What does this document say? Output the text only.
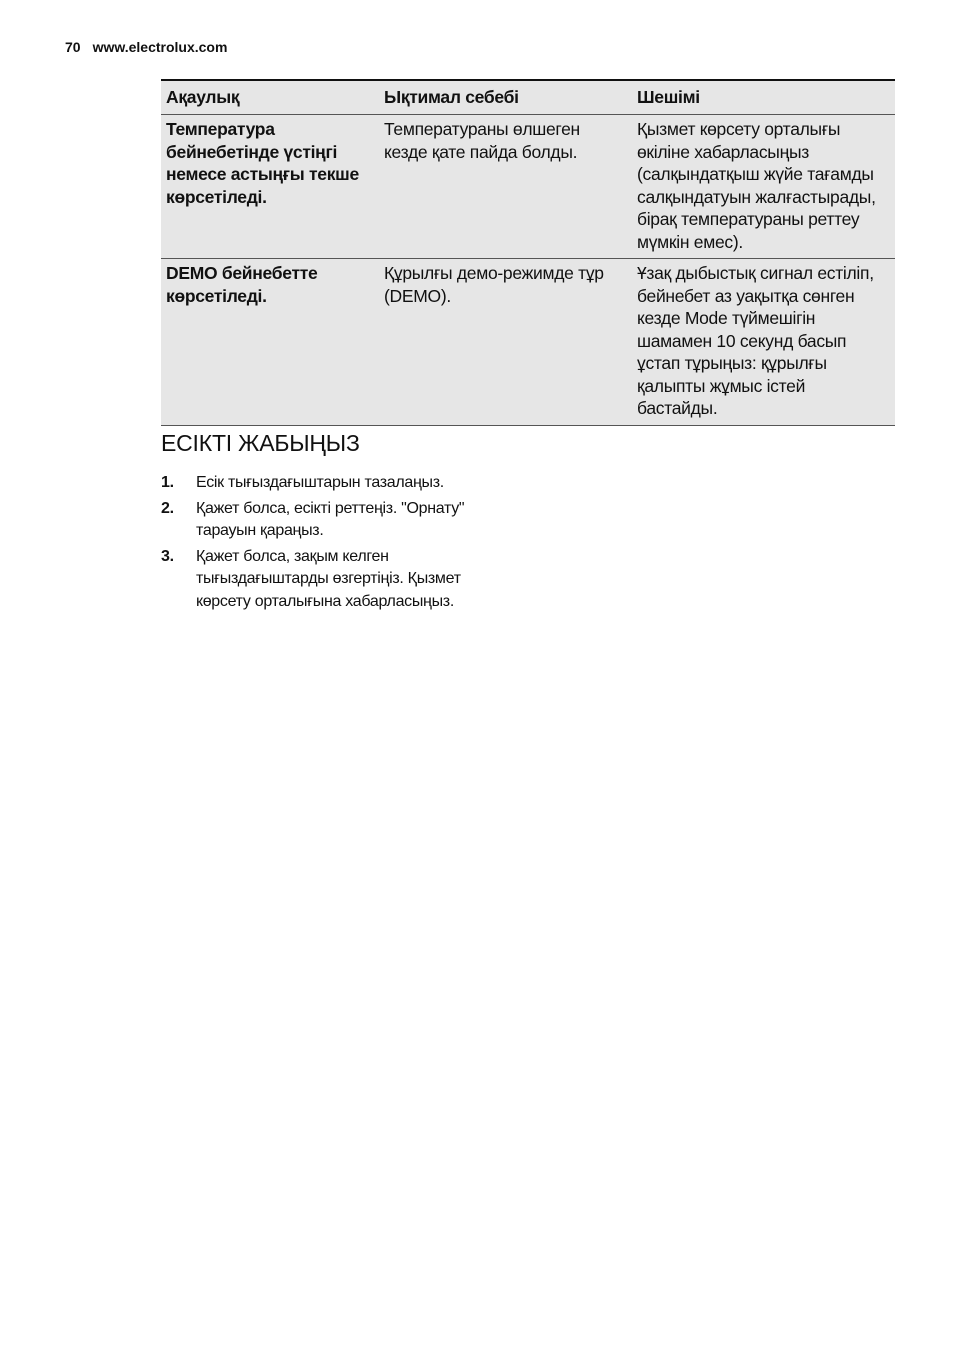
70 www.electrolux.com
Ақаулық	Ықтимал себебі	Шешімі
Температура бейнебетінде үстіңгі немесе астыңғы текше көрсетіледі.	Температураны өлшеген кезде қате пайда болды.	Қызмет көрсету орталығы өкіліне хабарласыңыз (салқындатқыш жүйе тағамды салқындатуын жалғастырады, бірақ температураны реттеу мүмкін емес).
DEMO бейнебетте көрсетіледі.	Құрылғы демо-режимде тұр (DEMO).	Ұзақ дыбыстық сигнал естіліп, бейнебет аз уақытқа сөнген кезде Mode түймешігін шамамен 10 секунд басып ұстап тұрыңыз: құрылғы қалыпты жұмыс істей бастайды.
ЕСІКТІ ЖАБЫҢЫЗ
1. Есік тығыздағыштарын тазалаңыз.
2. Қажет болса, есікті реттеңіз. "Орнату" тарауын қараңыз.
3. Қажет болса, зақым келген тығыздағыштарды өзгертіңіз. Қызмет көрсету орталығына хабарласыңыз.
